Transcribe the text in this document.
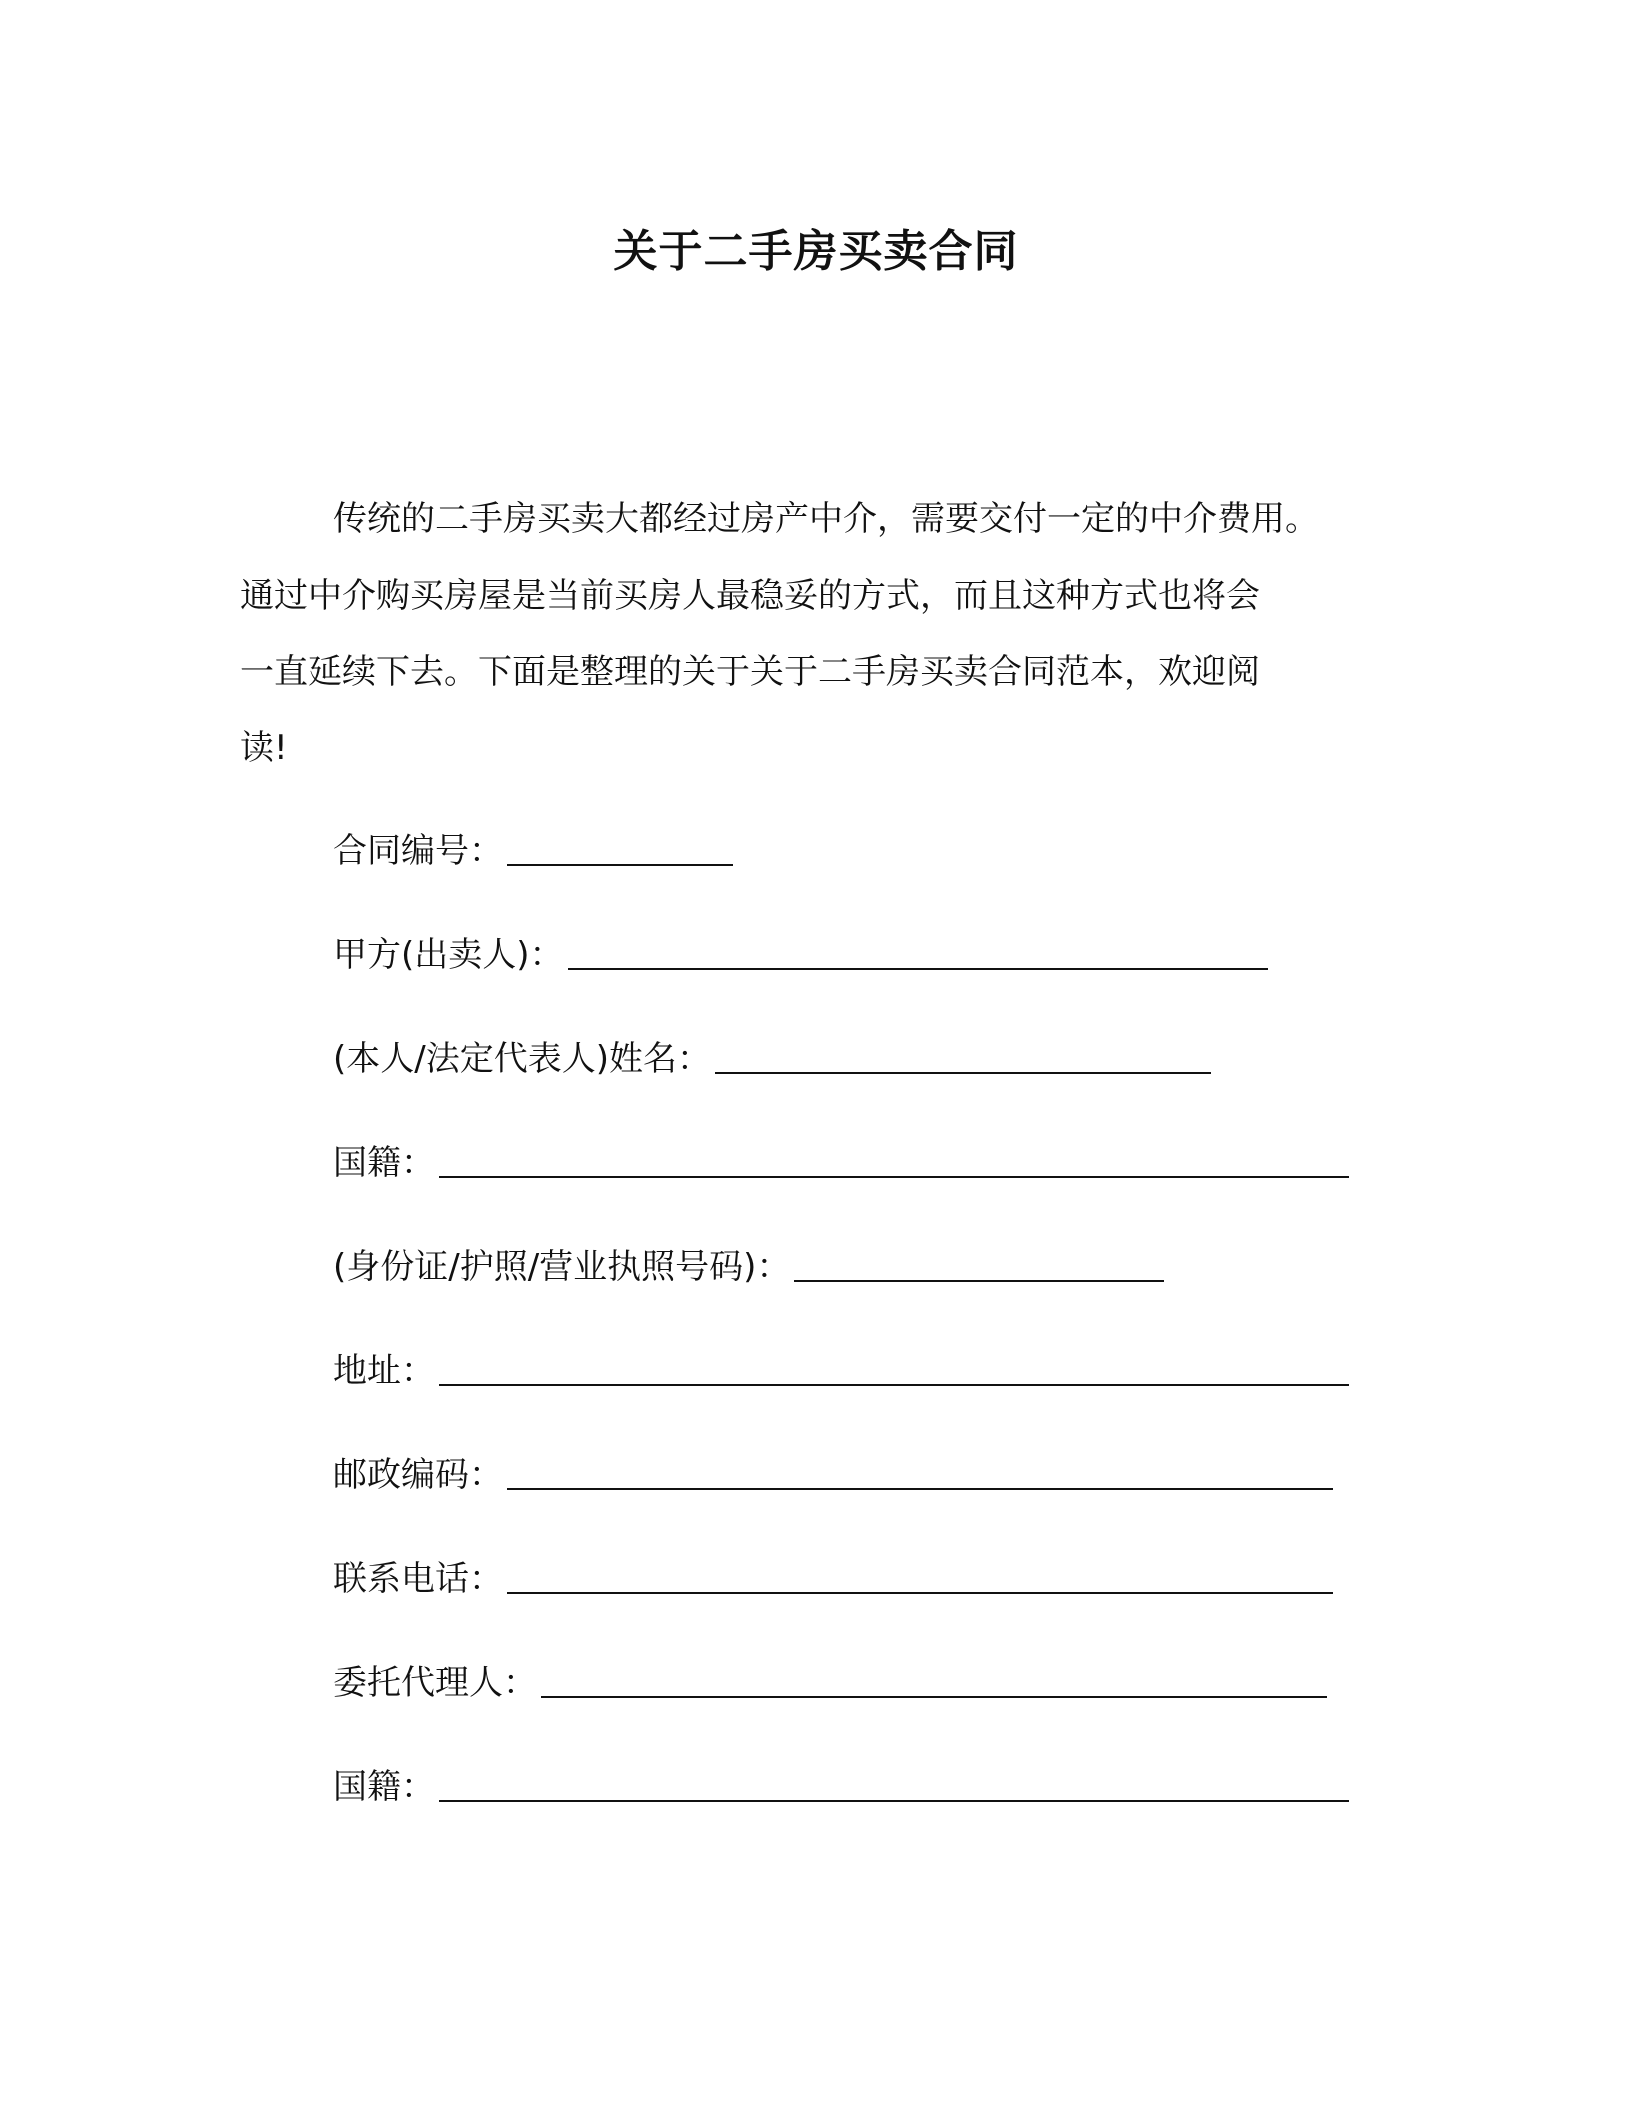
关于二手房买卖合同
传统的二手房买卖大都经过房产中介，需要交付一定的中介费用。
通过中介购买房屋是当前买房人最稳妥的方式，而且这种方式也将会
一直延续下去。下面是整理的关于关于二手房买卖合同范本，欢迎阅
读!
合同编号：
甲方(出卖人)：
(本人/法定代表人)姓名：
国籍：
(身份证/护照/营业执照号码)：
地址：
邮政编码：
联系电话：
委托代理人：
国籍：
